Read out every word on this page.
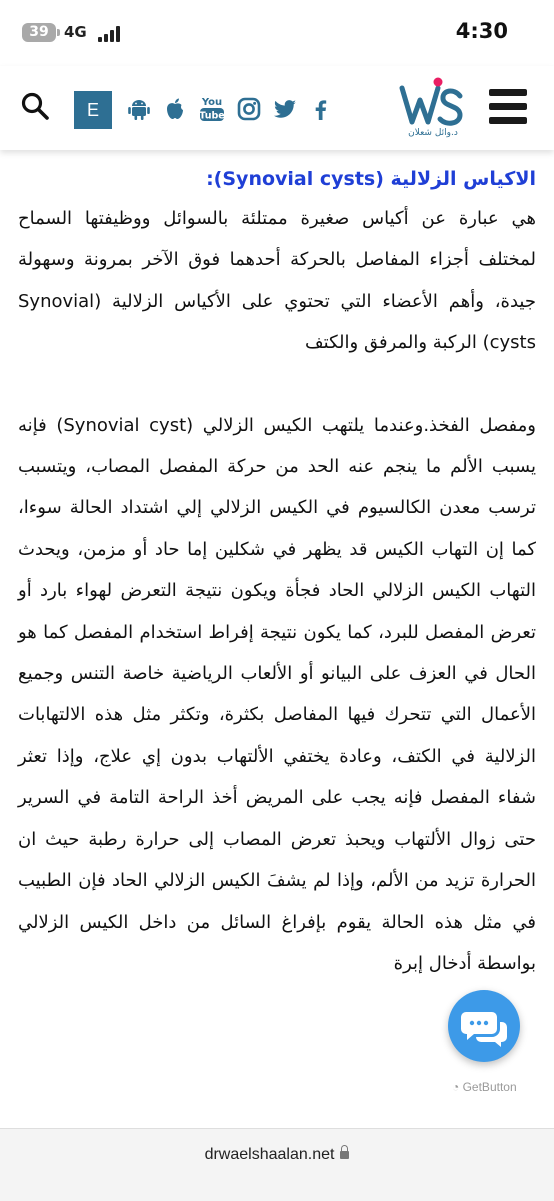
39	4G	4:30
E	You
Tube
د.وائل شعلان
الاكياس الزلالية (Synovial cysts):

هي عبارة عن أكياس صغيرة ممتلئة بالسوائل ووظيفتها السماح لمختلف أجزاء المفاصل بالحركة أحدهما فوق الآخر بمرونة وسهولة جيدة، وأهم الأعضاء التي تحتوي على الأكياس الزلالية (Synovial cysts) الركبة والمرفق والكتف

ومفصل الفخذ.وعندما يلتهب الكيس الزلالي (Synovial cyst) فإنه يسبب الألم ما ينجم عنه الحد من حركة المفصل المصاب، ويتسبب ترسب معدن الكالسيوم في الكيس الزلالي إلي اشتداد الحالة سوءا، كما إن التهاب الكيس قد يظهر في شكلين إما حاد أو مزمن، ويحدث التهاب الكيس الزلالي الحاد فجأة ويكون نتيجة التعرض لهواء بارد أو تعرض المفصل للبرد، كما يكون نتيجة إفراط استخدام المفصل كما هو الحال في العزف على البيانو أو الألعاب الرياضية خاصة التنس وجميع الأعمال التي تتحرك فيها المفاصل بكثرة، وتكثر مثل هذه الالتهابات الزلالية في الكتف، وعادة يختفي الألتهاب بدون إي علاج، وإذا تعثر شفاء المفصل فإنه يجب على المريض أخذ الراحة التامة في السرير حتى زوال الألتهاب ويحبذ تعرض المصاب إلى حرارة رطبة حيث ان الحرارة تزيد من الألم، وإذا لم يشفَ الكيس الزلالي الحاد فإن الطبيب في مثل هذه الحالة يقوم بإفراغ السائل من داخل الكيس الزلالي بواسطة أدخال إبرة

◔ GetButton
drwaelshaalan.net
